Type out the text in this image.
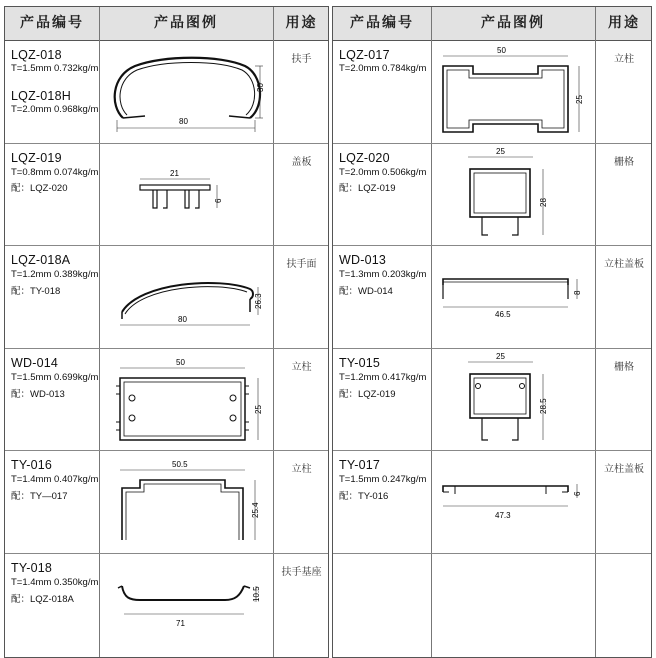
产品编号	产品图例	用途
LQZ-018
T=1.5mm 0.732kg/m
LQZ-018H
T=2.0mm 0.968kg/m
30
80
扶手
LQZ-019
T=0.8mm 0.074kg/m
配：LQZ-020
21
6
盖板
LQZ-018A
T=1.2mm 0.389kg/m
配：TY-018
26.3
80
扶手面
WD-014
T=1.5mm 0.699kg/m
配：WD-013
50
25
立柱
TY-016
T=1.4mm 0.407kg/m
配：TY—017
50.5
25.4
立柱
TY-018
T=1.4mm 0.350kg/m
配：LQZ-018A	10.5
71
扶手基座
产品编号	产品图例	用途
LQZ-017
T=2.0mm 0.784kg/m
50
25
立柱
LQZ-020
T=2.0mm 0.506kg/m
配：LQZ-019
25
28
栅格
WD-013
T=1.3mm 0.203kg/m
配：WD-014	8
46.5
立柱盖板
TY-015
T=1.2mm 0.417kg/m
配：LQZ-019
25
28.5
栅格
TY-017
T=1.5mm 0.247kg/m
配：TY-016	6
47.3
立柱盖板
